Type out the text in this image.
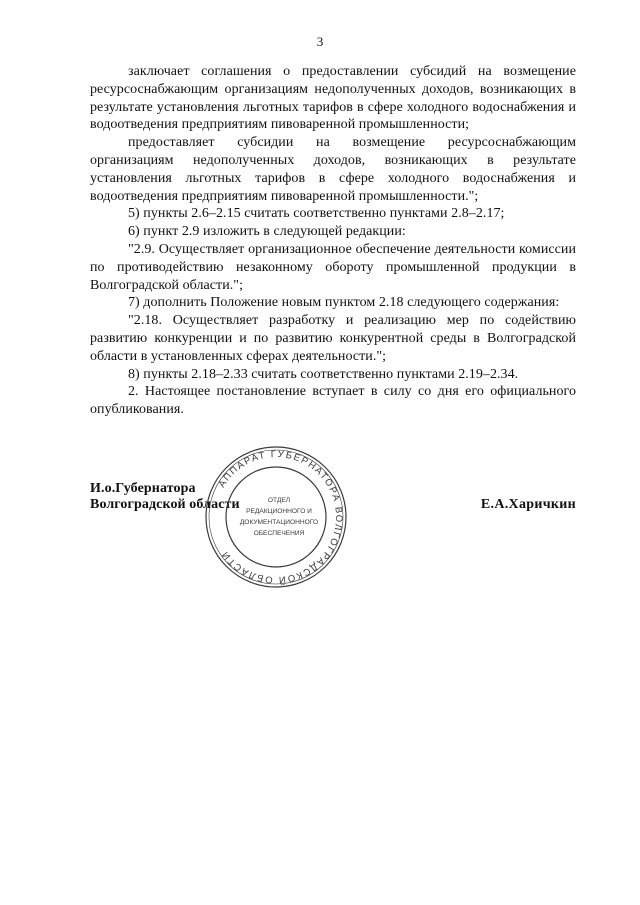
3

заключает соглашения о предоставлении субсидий на возмещение ресурсоснабжающим организациям недополученных доходов, возникающих в результате установления льготных тарифов в сфере холодного водоснабжения и водоотведения предприятиям пивоваренной промышленности;

предоставляет субсидии на возмещение ресурсоснабжающим организациям недополученных доходов, возникающих в результате установления льготных тарифов в сфере холодного водоснабжения и водоотведения предприятиям пивоваренной промышленности.";

5) пункты 2.6–2.15 считать соответственно пунктами 2.8–2.17;

6) пункт 2.9 изложить в следующей редакции:

"2.9. Осуществляет организационное обеспечение деятельности комиссии по противодействию незаконному обороту промышленной продукции в Волгоградской области.";

7) дополнить Положение новым пунктом 2.18 следующего содержания:

"2.18. Осуществляет разработку и реализацию мер по содействию развитию конкуренции и по развитию конкурентной среды в Волгоградской области в установленных сферах деятельности.";

8) пункты 2.18–2.33 считать соответственно пунктами 2.19–2.34.

2. Настоящее постановление вступает в силу со дня его официального опубликования.

И.о.Губернатора
Волгоградской области	Е.А.Харичкин
АППАРАТ ГУБЕРНАТОРА ВОЛГОГРАДСКОЙ ОБЛАСТИ
ОТДЕЛ
РЕДАКЦИОННОГО И
ДОКУМЕНТАЦИОННОГО
ОБЕСПЕЧЕНИЯ
